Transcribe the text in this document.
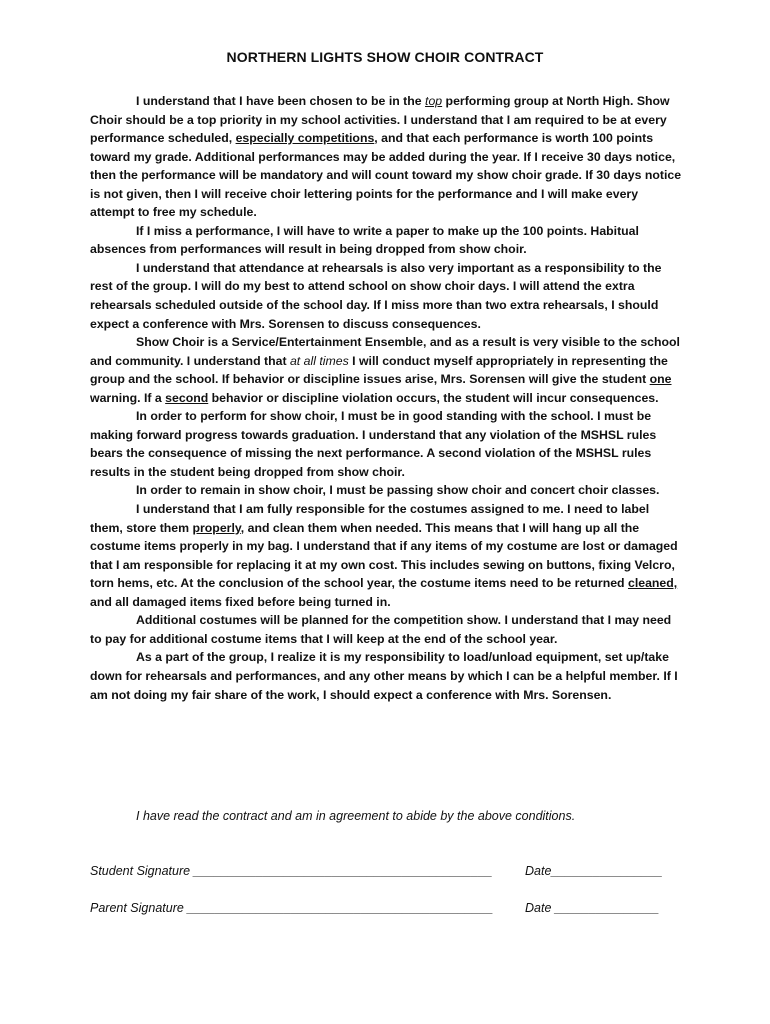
NORTHERN LIGHTS SHOW CHOIR CONTRACT

I understand that I have been chosen to be in the top performing group at North High. Show Choir should be a top priority in my school activities. I understand that I am required to be at every performance scheduled, especially competitions, and that each performance is worth 100 points toward my grade. Additional performances may be added during the year. If I receive 30 days notice, then the performance will be mandatory and will count toward my show choir grade. If 30 days notice is not given, then I will receive choir lettering points for the performance and I will make every attempt to free my schedule.

If I miss a performance, I will have to write a paper to make up the 100 points. Habitual absences from performances will result in being dropped from show choir.

I understand that attendance at rehearsals is also very important as a responsibility to the rest of the group. I will do my best to attend school on show choir days. I will attend the extra rehearsals scheduled outside of the school day. If I miss more than two extra rehearsals, I should expect a conference with Mrs. Sorensen to discuss consequences.

Show Choir is a Service/Entertainment Ensemble, and as a result is very visible to the school and community. I understand that at all times I will conduct myself appropriately in representing the group and the school. If behavior or discipline issues arise, Mrs. Sorensen will give the student one warning. If a second behavior or discipline violation occurs, the student will incur consequences.

In order to perform for show choir, I must be in good standing with the school. I must be making forward progress towards graduation. I understand that any violation of the MSHSL rules bears the consequence of missing the next performance. A second violation of the MSHSL rules results in the student being dropped from show choir.

In order to remain in show choir, I must be passing show choir and concert choir classes.

I understand that I am fully responsible for the costumes assigned to me. I need to label them, store them properly, and clean them when needed. This means that I will hang up all the costume items properly in my bag. I understand that if any items of my costume are lost or damaged that I am responsible for replacing it at my own cost. This includes sewing on buttons, fixing Velcro, torn hems, etc. At the conclusion of the school year, the costume items need to be returned cleaned, and all damaged items fixed before being turned in.

Additional costumes will be planned for the competition show. I understand that I may need to pay for additional costume items that I will keep at the end of the school year.

As a part of the group, I realize it is my responsibility to load/unload equipment, set up/take down for rehearsals and performances, and any other means by which I can be a helpful member. If I am not doing my fair share of the work, I should expect a conference with Mrs. Sorensen.

I have read the contract and am in agreement to abide by the above conditions.
Student Signature ___________________________________________	Date________________
Parent Signature ____________________________________________	Date _______________
